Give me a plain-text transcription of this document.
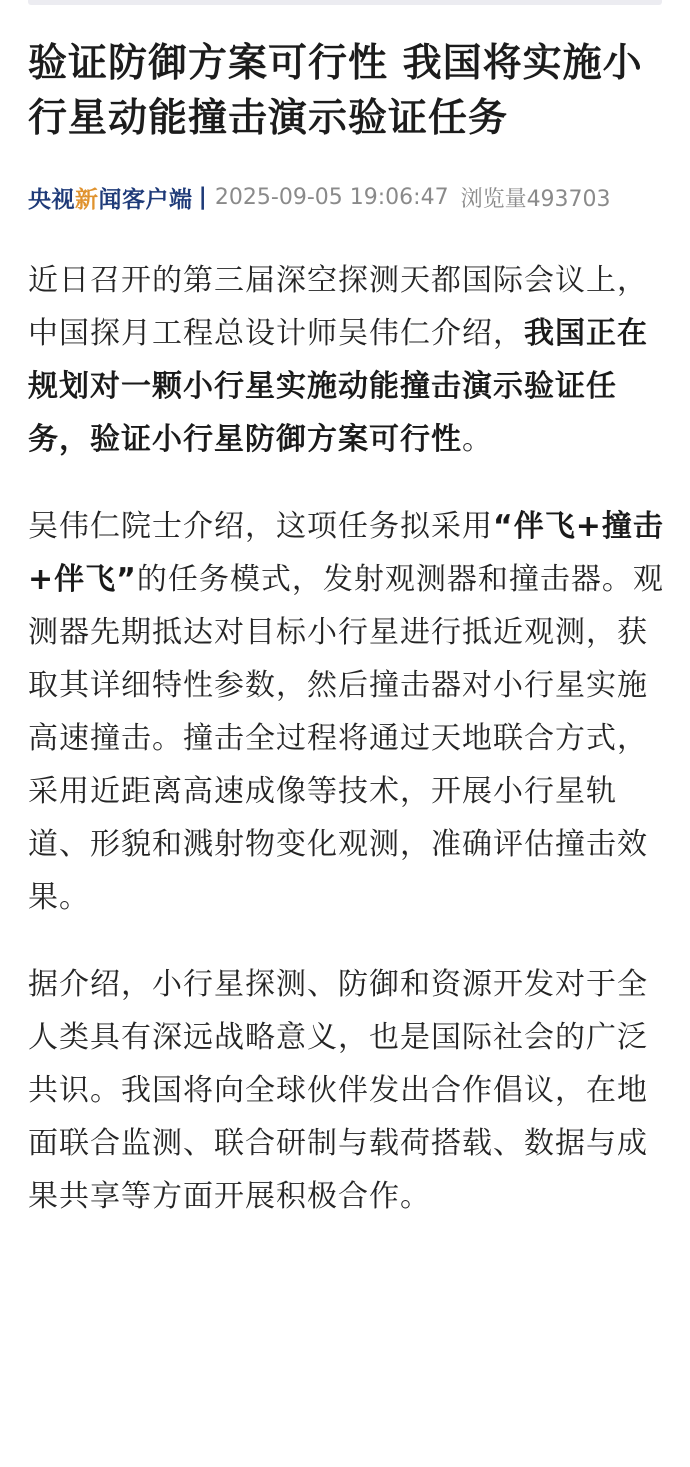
验证防御方案可行性 我国将实施小行星动能撞击演示验证任务
央视新闻客户端 | 2025-09-05 19:06:47 浏览量493703

近日召开的第三届深空探测天都国际会议上，中国探月工程总设计师吴伟仁介绍，我国正在规划对一颗小行星实施动能撞击演示验证任务，验证小行星防御方案可行性。

吴伟仁院士介绍，这项任务拟采用“伴飞+撞击+伴飞”的任务模式，发射观测器和撞击器。观测器先期抵达对目标小行星进行抵近观测，获取其详细特性参数，然后撞击器对小行星实施高速撞击。撞击全过程将通过天地联合方式，采用近距离高速成像等技术，开展小行星轨道、形貌和溅射物变化观测，准确评估撞击效果。

据介绍，小行星探测、防御和资源开发对于全人类具有深远战略意义，也是国际社会的广泛共识。我国将向全球伙伴发出合作倡议，在地面联合监测、联合研制与载荷搭载、数据与成果共享等方面开展积极合作。
